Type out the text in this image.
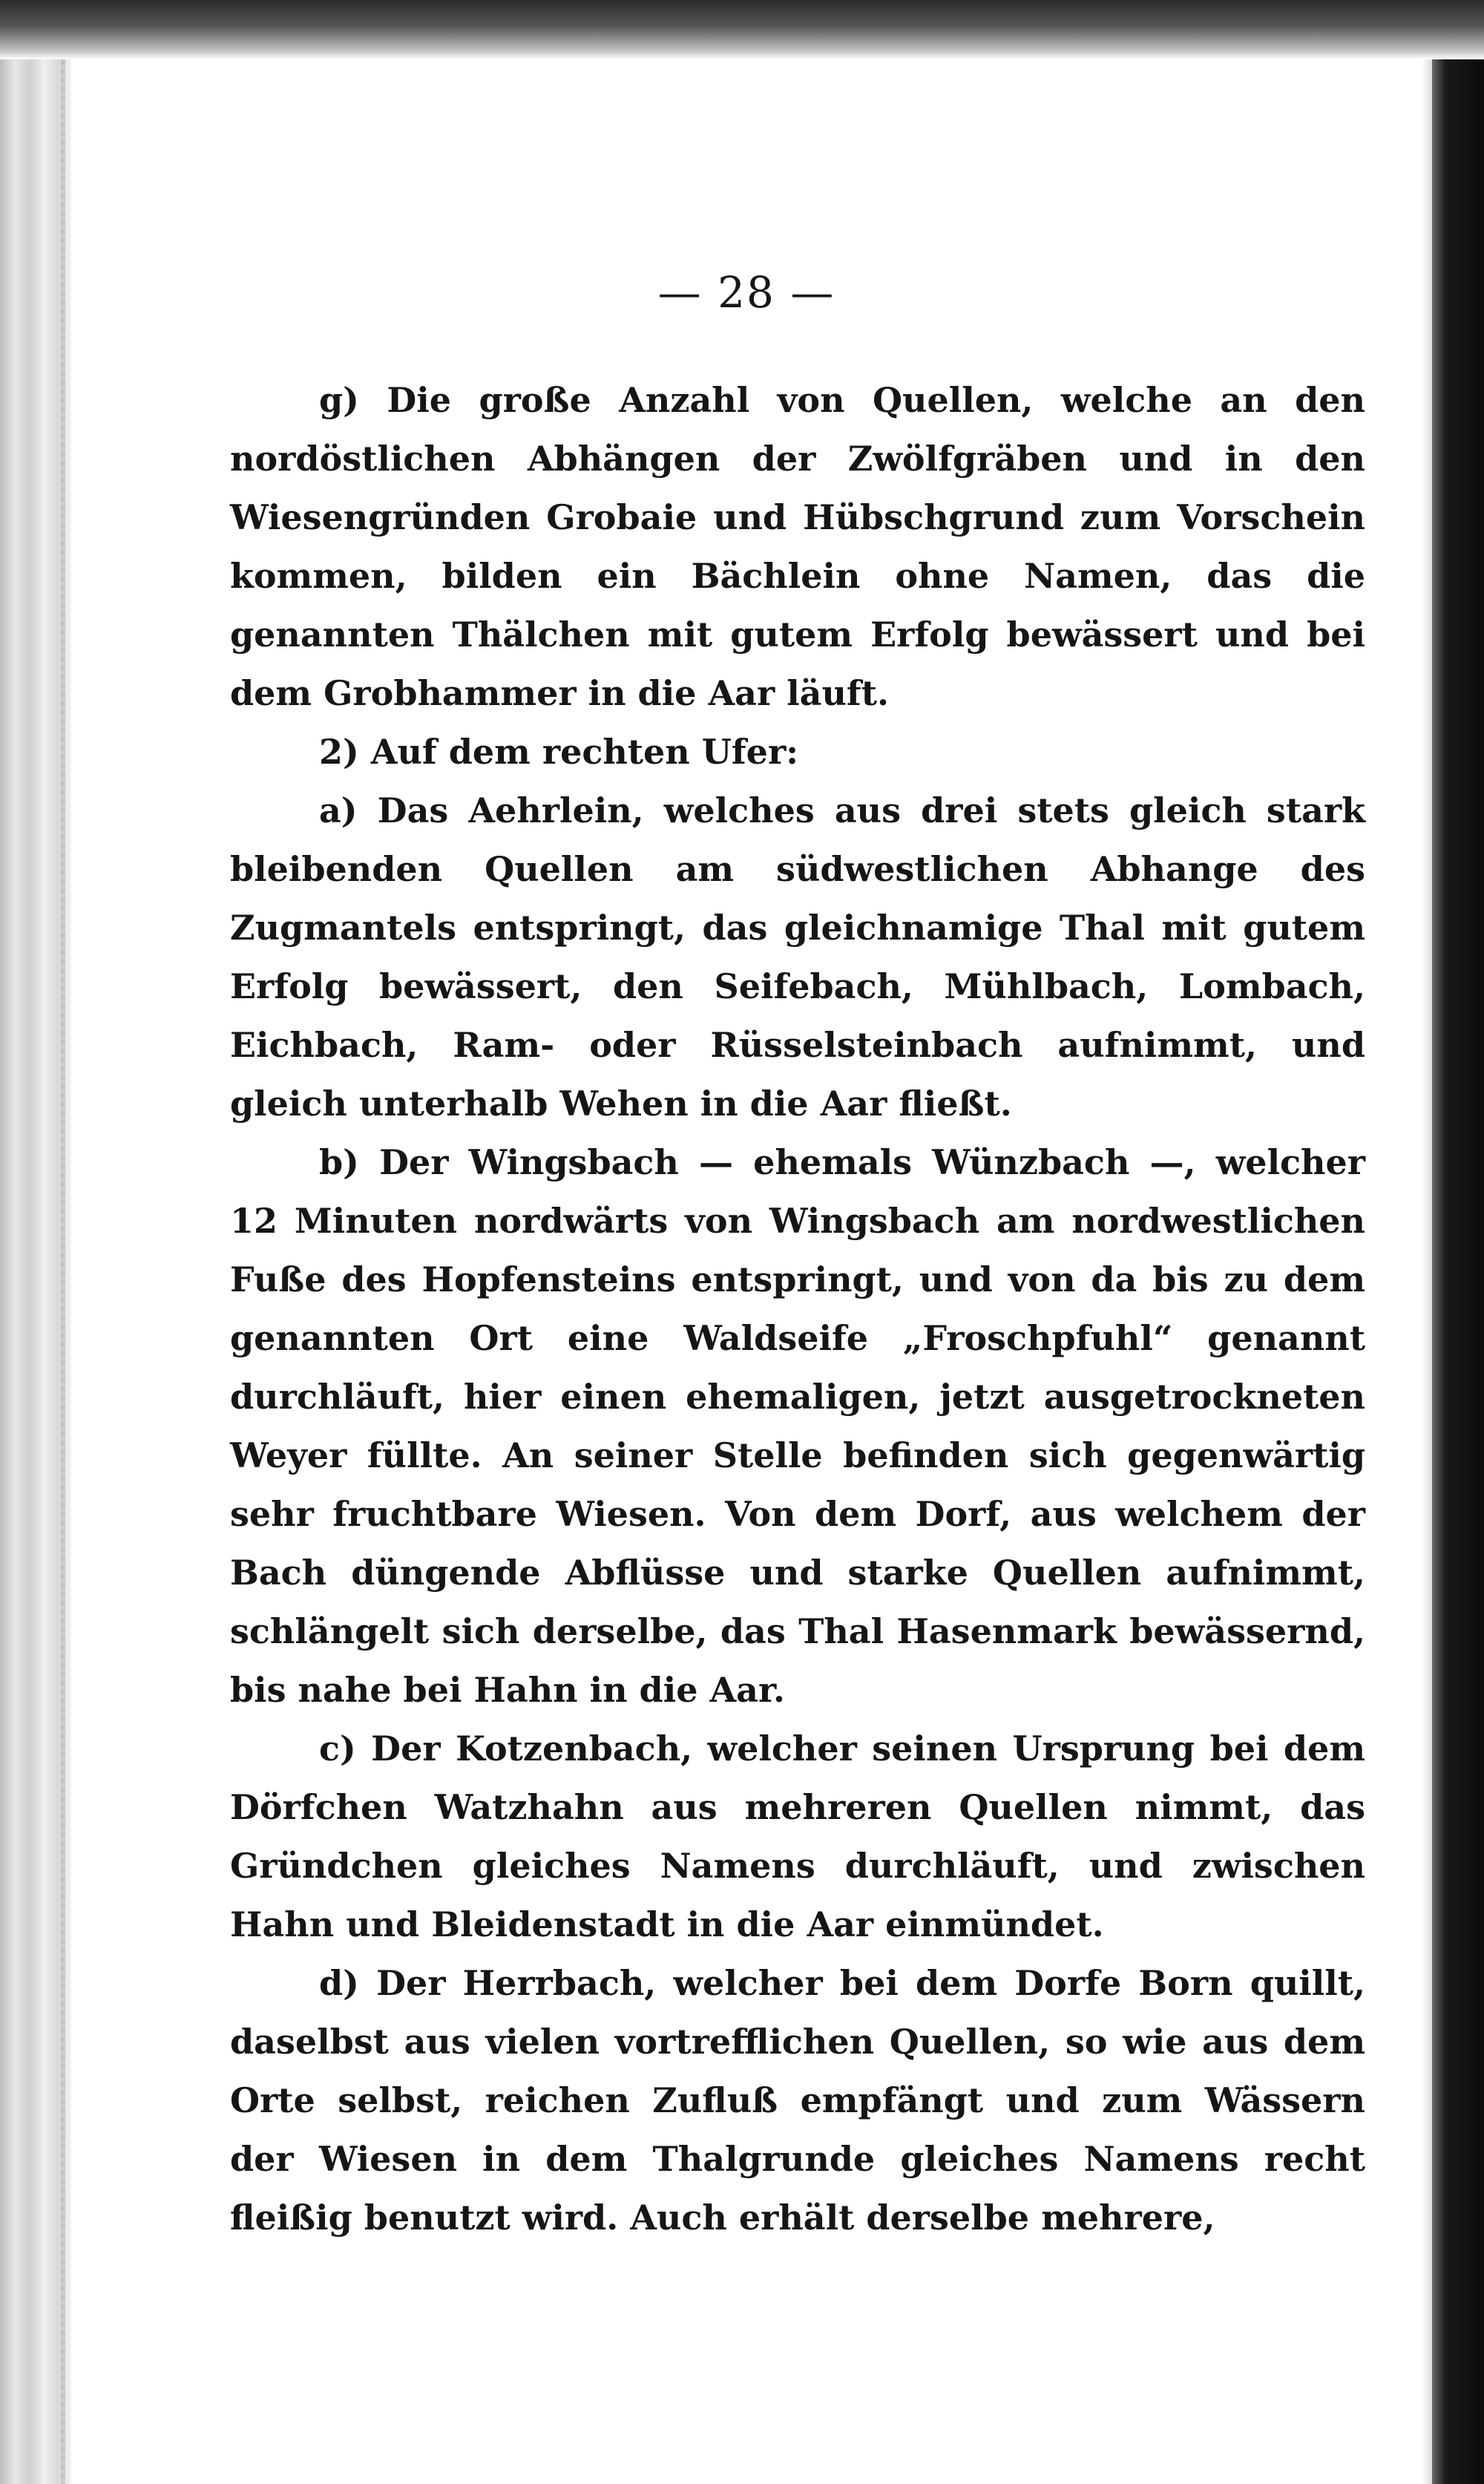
— 28 —

g) Die große Anzahl von Quellen, welche an den nordöstlichen Abhängen der Zwölfgräben und in den Wiesengründen Grobaie und Hübschgrund zum Vorschein kommen, bilden ein Bächlein ohne Namen, das die genannten Thälchen mit gutem Erfolg bewässert und bei dem Grobhammer in die Aar läuft.

2) Auf dem rechten Ufer:

a) Das Aehrlein, welches aus drei stets gleich stark bleibenden Quellen am südwestlichen Abhange des Zugmantels entspringt, das gleichnamige Thal mit gutem Erfolg bewässert, den Seifebach, Mühlbach, Lombach, Eichbach, Ram- oder Rüsselsteinbach aufnimmt, und gleich unterhalb Wehen in die Aar fließt.

b) Der Wingsbach — ehemals Wünzbach —, welcher 12 Minuten nordwärts von Wingsbach am nordwestlichen Fuße des Hopfensteins entspringt, und von da bis zu dem genannten Ort eine Waldseife „Froschpfuhl“ genannt durchläuft, hier einen ehemaligen, jetzt ausgetrockneten Weyer füllte. An seiner Stelle befinden sich gegenwärtig sehr fruchtbare Wiesen. Von dem Dorf, aus welchem der Bach düngende Abflüsse und starke Quellen aufnimmt, schlängelt sich derselbe, das Thal Hasenmark bewässernd, bis nahe bei Hahn in die Aar.

c) Der Kotzenbach, welcher seinen Ursprung bei dem Dörfchen Watzhahn aus mehreren Quellen nimmt, das Gründchen gleiches Namens durchläuft, und zwischen Hahn und Bleidenstadt in die Aar einmündet.

d) Der Herrbach, welcher bei dem Dorfe Born quillt, daselbst aus vielen vortrefflichen Quellen, so wie aus dem Orte selbst, reichen Zufluß empfängt und zum Wässern der Wiesen in dem Thalgrunde gleiches Namens recht fleißig benutzt wird. Auch erhält derselbe mehrere,
